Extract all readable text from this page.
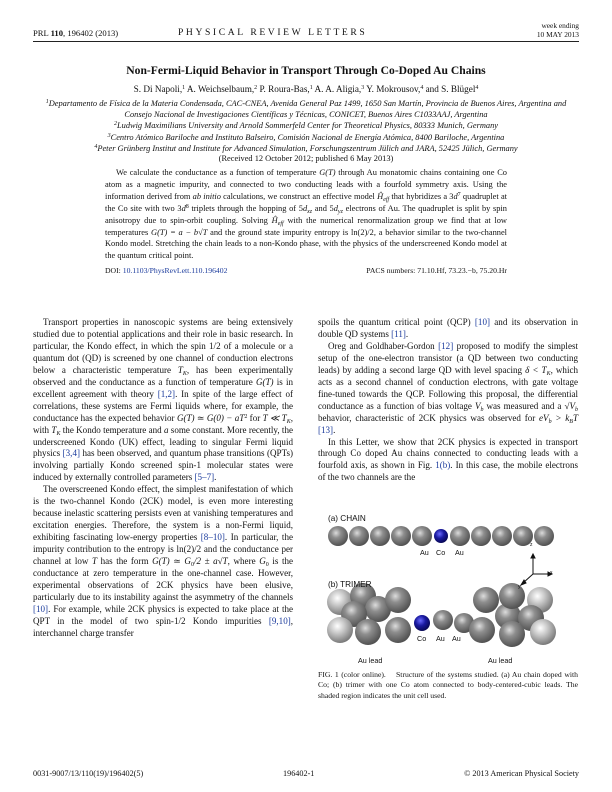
PRL 110, 196402 (2013)	PHYSICAL REVIEW LETTERS
week ending
10 MAY 2013
Non-Fermi-Liquid Behavior in Transport Through Co-Doped Au Chains
S. Di Napoli,$^1$ A. Weichselbaum,$^2$ P. Roura-Bas,$^1$ A. A. Aligia,$^3$ Y. Mokrousov,$^4$ and S. Blügel$^4$
$^1$Departamento de Física de la Materia Condensada, CAC-CNEA, Avenida General Paz 1499, 1650 San Martín, Provincia de Buenos Aires, Argentina and Consejo Nacional de Investigaciones Científicas y Técnicas, CONICET, Buenos Aires C1033AAJ, Argentina
$^2$Ludwig Maximilians University and Arnold Sommerfeld Center for Theoretical Physics, 80333 Munich, Germany
$^3$Centro Atómico Bariloche and Instituto Balseiro, Comisión Nacional de Energía Atómica, 8400 Bariloche, Argentina
$^4$Peter Grünberg Institut and Institute for Advanced Simulation, Forschungszentrum Jülich and JARA, 52425 Jülich, Germany
(Received 12 October 2012; published 6 May 2013)
We calculate the conductance as a function of temperature G(T) through Au monatomic chains containing one Co atom as a magnetic impurity, and connected to two conducting leads with a fourfold symmetry axis. Using the information derived from ab initio calculations, we construct an effective model $Ĥ_{eff}$ that hybridizes a $3d^7$ quadruplet at the Co site with two $3d^8$ triplets through the hopping of $5d_{xz}$ and $5d_{yz}$ electrons of Au. The quadruplet is split by spin anisotropy due to spin-orbit coupling. Solving $Ĥ_{eff}$ with the numerical renormalization group we find that at low temperatures G(T) = a − b√T and the ground state impurity entropy is ln(2)/2, a behavior similar to the two-channel Kondo model. Stretching the chain leads to a non-Kondo phase, with the physics of the underscreened Kondo model at the quantum critical point.
DOI: 10.1103/PhysRevLett.110.196402	PACS numbers: 71.10.Hf, 73.23.−b, 75.20.Hr

Transport properties in nanoscopic systems are being extensively studied due to potential applications and their role in basic research. In particular, the Kondo effect, in which the spin 1/2 of a molecule or a quantum dot (QD) is screened by one channel of conduction electrons below a characteristic temperature $T_K$, has been experimentally observed and the conductance as a function of temperature G(T) is in excellent agreement with theory [1,2]. In spite of the large effect of correlations, these systems are Fermi liquids where, for example, the conductance has the expected behavior G(T) ≃ $G(0) - aT^2$ for T ≪ $T_K$, with $T_K$ the Kondo temperature and a some constant. More recently, the underscreened Kondo (UK) effect, leading to singular Fermi liquid physics [3,4] has been observed, and quantum phase transitions (QPTs) involving partially Kondo screened spin-1 molecular states were induced by externally controlled parameters [5–7].

The overscreened Kondo effect, the simplest manifestation of which is the two-channel Kondo (2CK) model, is even more interesting because inelastic scattering persists even at vanishing temperatures and excitation energies. Therefore, the system is a non-Fermi liquid, exhibiting fascinating low-energy properties [8–10]. In particular, the impurity contribution to the entropy is ln(2)/2 and the conductance per channel at low T has the form G(T) ≃ $G_0/2 \pm a√T$, where $G_0$ is the conductance at zero temperature in the one-channel case. However, experimental observations of 2CK physics have been elusive, particularly due to its instability against the asymmetry of the channels [10]. For example, while 2CK physics is expected to take place at the QPT in the model of two spin-1/2 Kondo impurities [9,10], interchannel charge transfer

spoils the quantum critical point (QCP) [10] and its observation in double QD systems [11].

Oreg and Goldhaber-Gordon [12] proposed to modify the simplest setup of the one-electron transistor (a QD between two conducting leads) by adding a second large QD with level spacing $\delta < T_K$, which acts as a second channel of conduction electrons, with gate voltage fine-tuned towards the QCP. Following this proposal, the differential conductance as a function of bias voltage $V_b$ was measured and a $√V_b$ behavior, characteristic of 2CK physics was observed for $eV_b > k_BT$ [13].

In this Letter, we show that 2CK physics is expected in transport through Co doped Au chains connected to conducting leads with a fourfold axis, as shown in Fig. 1(b). In this case, the mobile electrons of the two channels are the

(a) CHAIN
Au Co Au
z
x
y
(b) TRIMER
Co Au Au
Au lead	Au lead
FIG. 1 (color online). Structure of the systems studied. (a) Au chain doped with Co; (b) trimer with one Co atom connected to body-centered-cubic leads. The shaded region indicates the unit cell used.
0031-9007/13/110(19)/196402(5)	196402-1	© 2013 American Physical Society
